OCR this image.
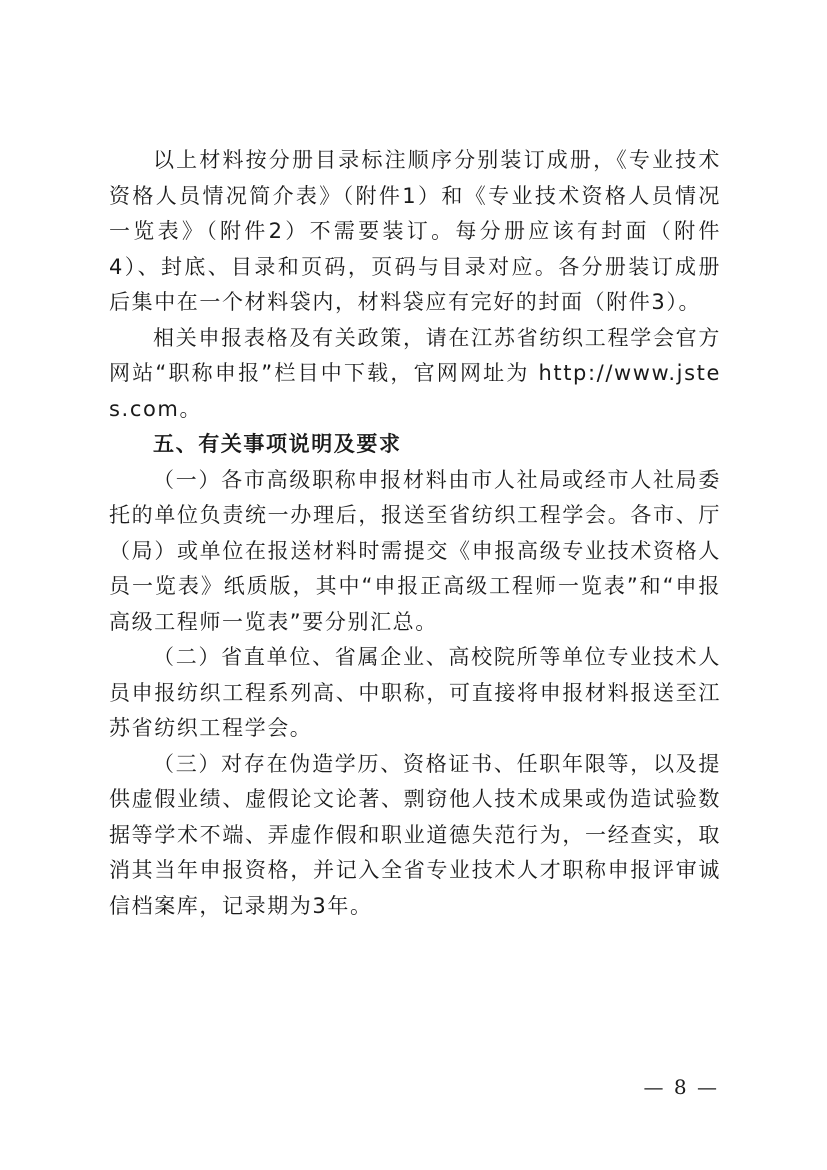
以上材料按分册目录标注顺序分别装订成册，《专业技术资格人员情况简介表》（附件1）和《专业技术资格人员情况一览表》（附件2）不需要装订。每分册应该有封面（附件4）、封底、目录和页码，页码与目录对应。各分册装订成册后集中在一个材料袋内，材料袋应有完好的封面（附件3）。

相关申报表格及有关政策，请在江苏省纺织工程学会官方网站“职称申报”栏目中下载，官网网址为 http://www.jstes.com。

五、有关事项说明及要求

（一）各市高级职称申报材料由市人社局或经市人社局委托的单位负责统一办理后，报送至省纺织工程学会。各市、厅（局）或单位在报送材料时需提交《申报高级专业技术资格人员一览表》纸质版，其中“申报正高级工程师一览表”和“申报高级工程师一览表”要分别汇总。

（二）省直单位、省属企业、高校院所等单位专业技术人员申报纺织工程系列高、中职称，可直接将申报材料报送至江苏省纺织工程学会。

（三）对存在伪造学历、资格证书、任职年限等，以及提供虚假业绩、虚假论文论著、剽窃他人技术成果或伪造试验数据等学术不端、弄虚作假和职业道德失范行为，一经查实，取消其当年申报资格，并记入全省专业技术人才职称申报评审诚信档案库，记录期为3年。

— 8 —
